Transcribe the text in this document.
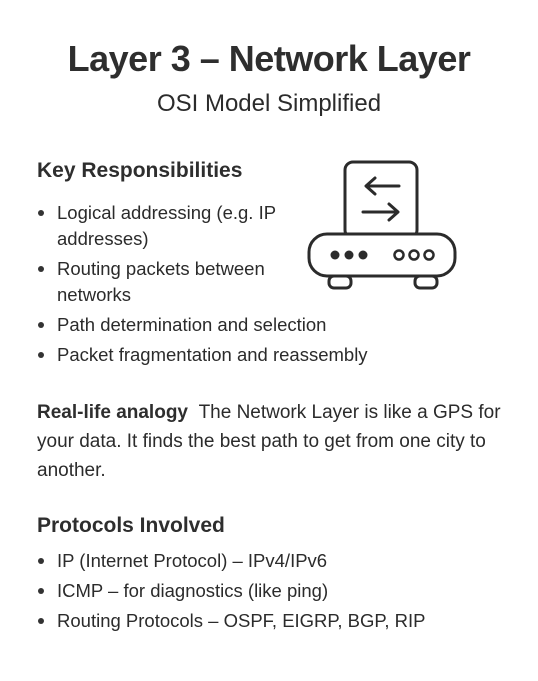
Layer 3 – Network Layer
OSI Model Simplified
Key Responsibilities
Logical addressing (e.g. IP addresses)
Routing packets between networks
Path determination and selection
Packet fragmentation and reassembly
Real-life analogy The Network Layer is like a GPS for your data. It finds the best path to get from one city to another.
Protocols Involved
IP (Internet Protocol) – IPv4/IPv6
ICMP – for diagnostics (like ping)
Routing Protocols – OSPF, EIGRP, BGP, RIP
